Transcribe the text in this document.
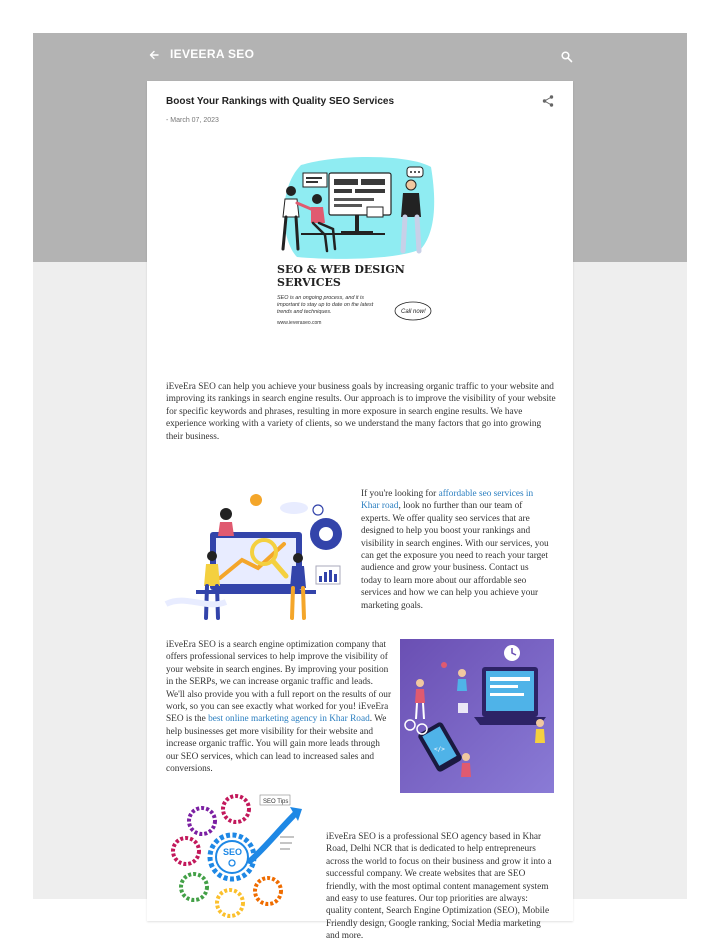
IEVEERA SEO
Boost Your Rankings with Quality SEO Services
- March 07, 2023
SEO & WEB DESIGN
SERVICES
SEO is an ongoing process, and it is
important to stay up to date on the latest
trends and techniques.
www.ieveraseo.com
Call now!

iEveEra SEO can help you achieve your business goals by increasing organic traffic to your website and improving its rankings in search engine results. Our approach is to improve the visibility of your website for specific keywords and phrases, resulting in more exposure in search engine results. We have experience working with a variety of clients, so we understand the many factors that go into growing their business.

If you're looking for affordable seo services in Khar road, look no further than our team of experts. We offer quality seo services that are designed to help you boost your rankings and visibility in search engines. With our services, you can get the exposure you need to reach your target audience and grow your business. Contact us today to learn more about our affordable seo services and how we can help you achieve your marketing goals.

iEveEra SEO is a search engine optimization company that offers professional services to help improve the visibility of your website in search engines. By improving your position in the SERPs, we can increase organic traffic and leads. We'll also provide you with a full report on the results of our work, so you can see exactly what worked for you! iEveEra SEO is the best online marketing agency in Khar Road. We help businesses get more visibility for their website and increase organic traffic. You will gain more leads through our SEO services, which can lead to increased sales and conversions.

</>
SEO
SEO Tips

iEveEra SEO is a professional SEO agency based in Khar Road, Delhi NCR that is dedicated to help entrepreneurs across the world to focus on their business and grow it into a successful company. We create websites that are SEO friendly, with the most optimal content management system and easy to use features. Our top priorities are always: quality content, Search Engine Optimization (SEO), Mobile Friendly design, Google ranking, Social Media marketing and more.
